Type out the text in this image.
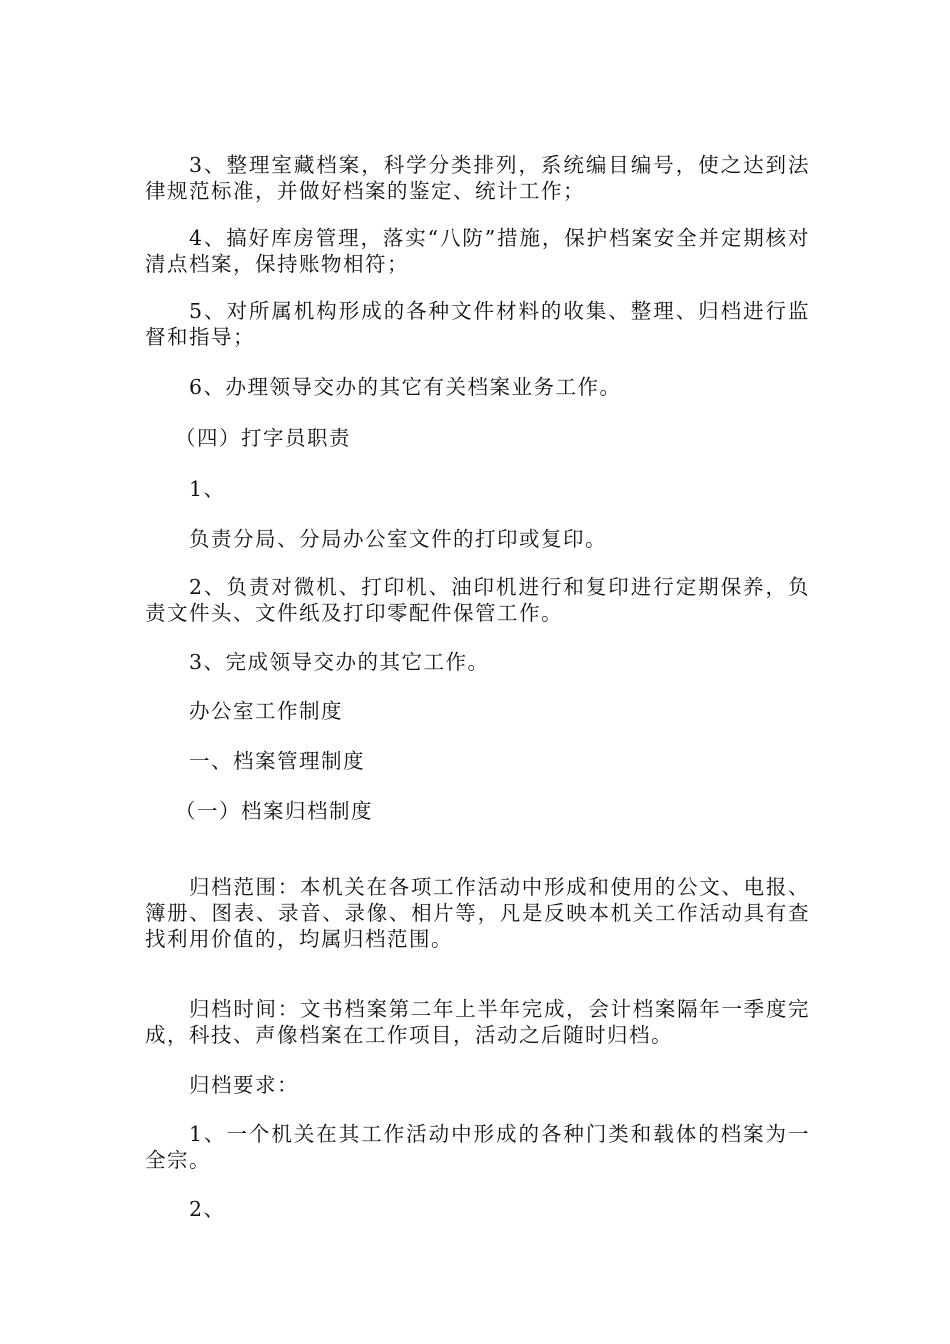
3、整理室藏档案，科学分类排列，系统编目编号，使之达到法律规范标准，并做好档案的鉴定、统计工作；

4、搞好库房管理，落实“八防”措施，保护档案安全并定期核对清点档案，保持账物相符；

5、对所属机构形成的各种文件材料的收集、整理、归档进行监督和指导；

6、办理领导交办的其它有关档案业务工作。

（四）打字员职责

1、

负责分局、分局办公室文件的打印或复印。

2、负责对微机、打印机、油印机进行和复印进行定期保养，负责文件头、文件纸及打印零配件保管工作。

3、完成领导交办的其它工作。

办公室工作制度

一、档案管理制度

（一）档案归档制度

归档范围：本机关在各项工作活动中形成和使用的公文、电报、簿册、图表、录音、录像、相片等，凡是反映本机关工作活动具有查找利用价值的，均属归档范围。

归档时间：文书档案第二年上半年完成，会计档案隔年一季度完成，科技、声像档案在工作项目，活动之后随时归档。

归档要求：

1、一个机关在其工作活动中形成的各种门类和载体的档案为一全宗。

2、
